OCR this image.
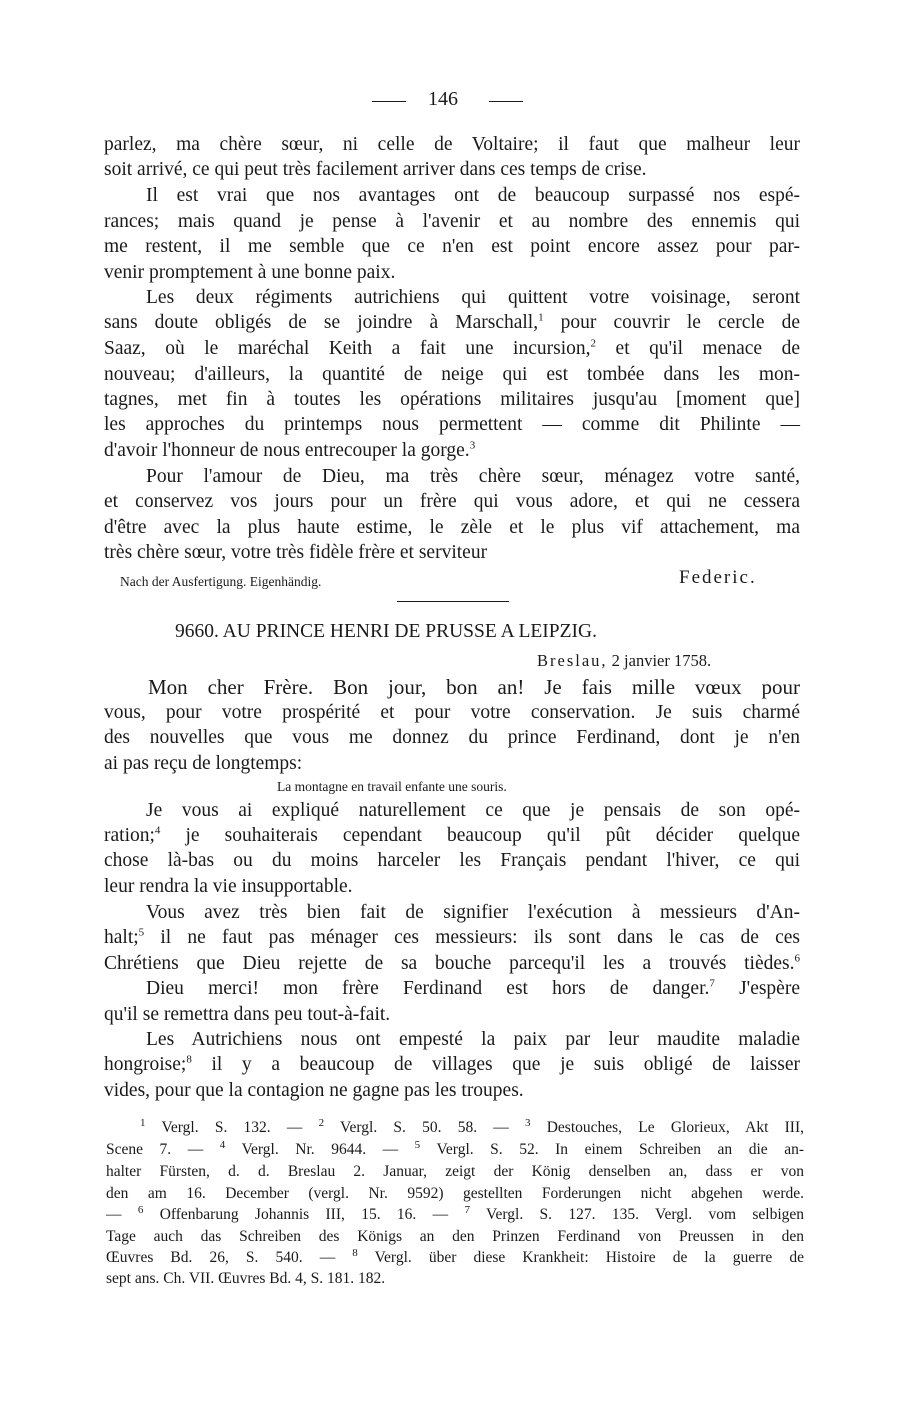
146
parlez, ma chère sœur, ni celle de Voltaire; il faut que malheur leur
soit arrivé, ce qui peut très facilement arriver dans ces temps de crise.
Il est vrai que nos avantages ont de beaucoup surpassé nos espé-
rances; mais quand je pense à l'avenir et au nombre des ennemis qui
me restent, il me semble que ce n'en est point encore assez pour par-
venir promptement à une bonne paix.
Les deux régiments autrichiens qui quittent votre voisinage, seront
sans doute obligés de se joindre à Marschall,$^1$ pour couvrir le cercle de
Saaz, où le maréchal Keith a fait une incursion,$^2$ et qu'il menace de
nouveau; d'ailleurs, la quantité de neige qui est tombée dans les mon-
tagnes, met fin à toutes les opérations militaires jusqu'au [moment que]
les approches du printemps nous permettent — comme dit Philinte —
d'avoir l'honneur de nous entrecouper la gorge.$^3$
Pour l'amour de Dieu, ma très chère sœur, ménagez votre santé,
et conservez vos jours pour un frère qui vous adore, et qui ne cessera
d'être avec la plus haute estime, le zèle et le plus vif attachement, ma
très chère sœur, votre très fidèle frère et serviteur
Nach der Ausfertigung. Eigenhändig.	Federic.
9660. AU PRINCE HENRI DE PRUSSE A LEIPZIG.
Breslau, 2 janvier 1758.
Mon cher Frère. Bon jour, bon an! Je fais mille vœux pour
vous, pour votre prospérité et pour votre conservation. Je suis charmé
des nouvelles que vous me donnez du prince Ferdinand, dont je n'en
ai pas reçu de longtemps:
La montagne en travail enfante une souris.
Je vous ai expliqué naturellement ce que je pensais de son opé-
ration;$^4$ je souhaiterais cependant beaucoup qu'il pût décider quelque
chose là-bas ou du moins harceler les Français pendant l'hiver, ce qui
leur rendra la vie insupportable.
Vous avez très bien fait de signifier l'exécution à messieurs d'An-
halt;$^5$ il ne faut pas ménager ces messieurs: ils sont dans le cas de ces
Chrétiens que Dieu rejette de sa bouche parcequ'il les a trouvés tièdes.$^6$
Dieu merci! mon frère Ferdinand est hors de danger.$^7$ J'espère
qu'il se remettra dans peu tout-à-fait.
Les Autrichiens nous ont empesté la paix par leur maudite maladie
hongroise;$^8$ il y a beaucoup de villages que je suis obligé de laisser
vides, pour que la contagion ne gagne pas les troupes.
$^1$ Vergl. S. 132. — $^2$ Vergl. S. 50. 58. — $^3$ Destouches, Le Glorieux, Akt III,
Scene 7. — $^4$ Vergl. Nr. 9644. — $^5$ Vergl. S. 52. In einem Schreiben an die an-
halter Fürsten, d. d. Breslau 2. Januar, zeigt der König denselben an, dass er von
den am 16. December (vergl. Nr. 9592) gestellten Forderungen nicht abgehen werde.
— $^6$ Offenbarung Johannis III, 15. 16. — $^7$ Vergl. S. 127. 135. Vergl. vom selbigen
Tage auch das Schreiben des Königs an den Prinzen Ferdinand von Preussen in den
Œuvres Bd. 26, S. 540. — $^8$ Vergl. über diese Krankheit: Histoire de la guerre de
sept ans. Ch. VII. Œuvres Bd. 4, S. 181. 182.
